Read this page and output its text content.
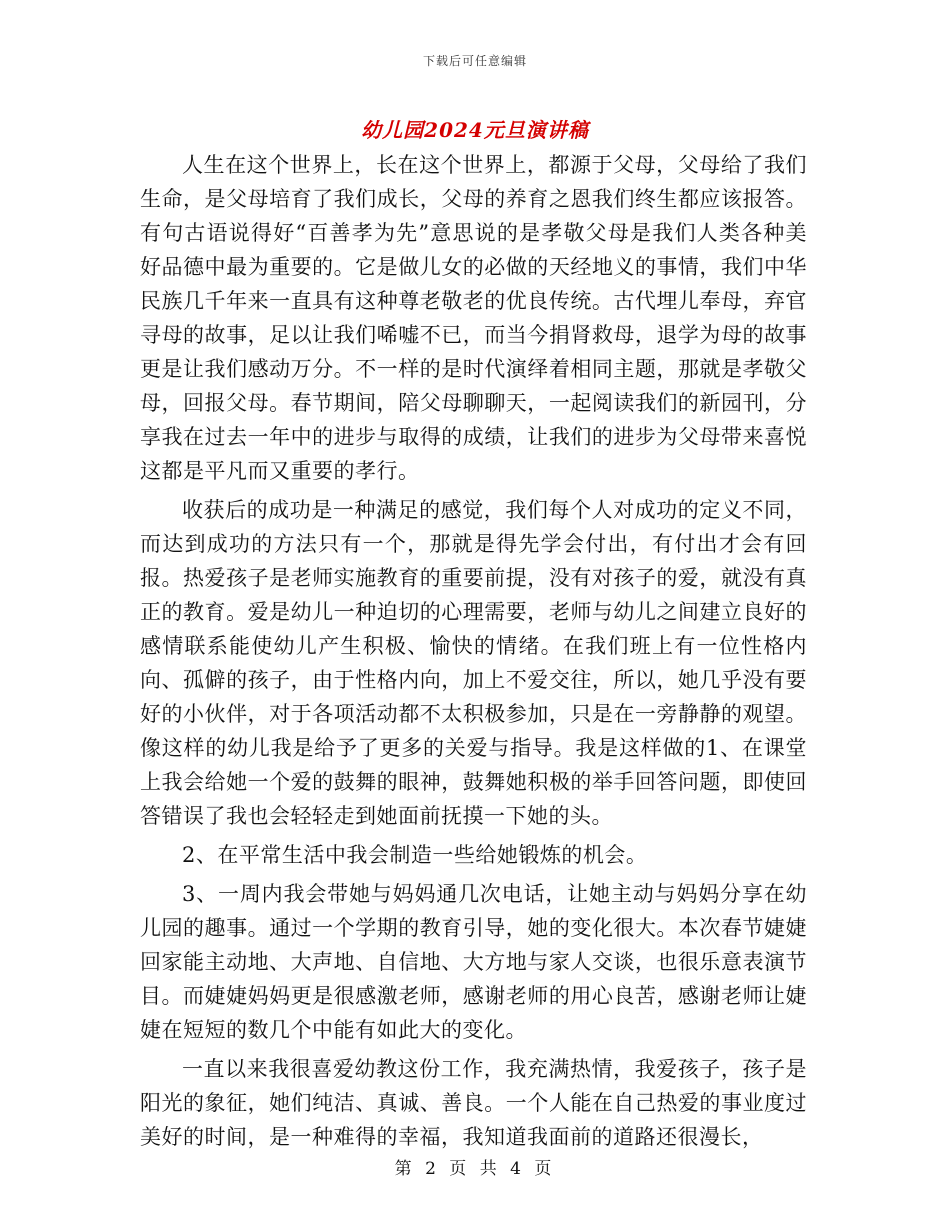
下载后可任意编辑
幼儿园2024元旦演讲稿

人生在这个世界上，长在这个世界上，都源于父母，父母给了我们生命，是父母培育了我们成长，父母的养育之恩我们终生都应该报答。有句古语说得好“百善孝为先”意思说的是孝敬父母是我们人类各种美好品德中最为重要的。它是做儿女的必做的天经地义的事情，我们中华民族几千年来一直具有这种尊老敬老的优良传统。古代埋儿奉母，弃官寻母的故事，足以让我们唏嘘不已，而当今捐肾救母，退学为母的故事更是让我们感动万分。不一样的是时代演绎着相同主题，那就是孝敬父母，回报父母。春节期间，陪父母聊聊天，一起阅读我们的新园刊，分享我在过去一年中的进步与取得的成绩，让我们的进步为父母带来喜悦这都是平凡而又重要的孝行。

收获后的成功是一种满足的感觉，我们每个人对成功的定义不同，而达到成功的方法只有一个，那就是得先学会付出，有付出才会有回报。热爱孩子是老师实施教育的重要前提，没有对孩子的爱，就没有真正的教育。爱是幼儿一种迫切的心理需要，老师与幼儿之间建立良好的感情联系能使幼儿产生积极、愉快的情绪。在我们班上有一位性格内向、孤僻的孩子，由于性格内向，加上不爱交往，所以，她几乎没有要好的小伙伴，对于各项活动都不太积极参加，只是在一旁静静的观望。像这样的幼儿我是给予了更多的关爱与指导。我是这样做的1、在课堂上我会给她一个爱的鼓舞的眼神，鼓舞她积极的举手回答问题，即使回答错误了我也会轻轻走到她面前抚摸一下她的头。

2、在平常生活中我会制造一些给她锻炼的机会。

3、一周内我会带她与妈妈通几次电话，让她主动与妈妈分享在幼儿园的趣事。通过一个学期的教育引导，她的变化很大。本次春节婕婕回家能主动地、大声地、自信地、大方地与家人交谈，也很乐意表演节目。而婕婕妈妈更是很感激老师，感谢老师的用心良苦，感谢老师让婕婕在短短的数几个中能有如此大的变化。

一直以来我很喜爱幼教这份工作，我充满热情，我爱孩子，孩子是阳光的象征，她们纯洁、真诚、善良。一个人能在自己热爱的事业度过美好的时间，是一种难得的幸福，我知道我面前的道路还很漫长，

第 2 页 共 4 页
